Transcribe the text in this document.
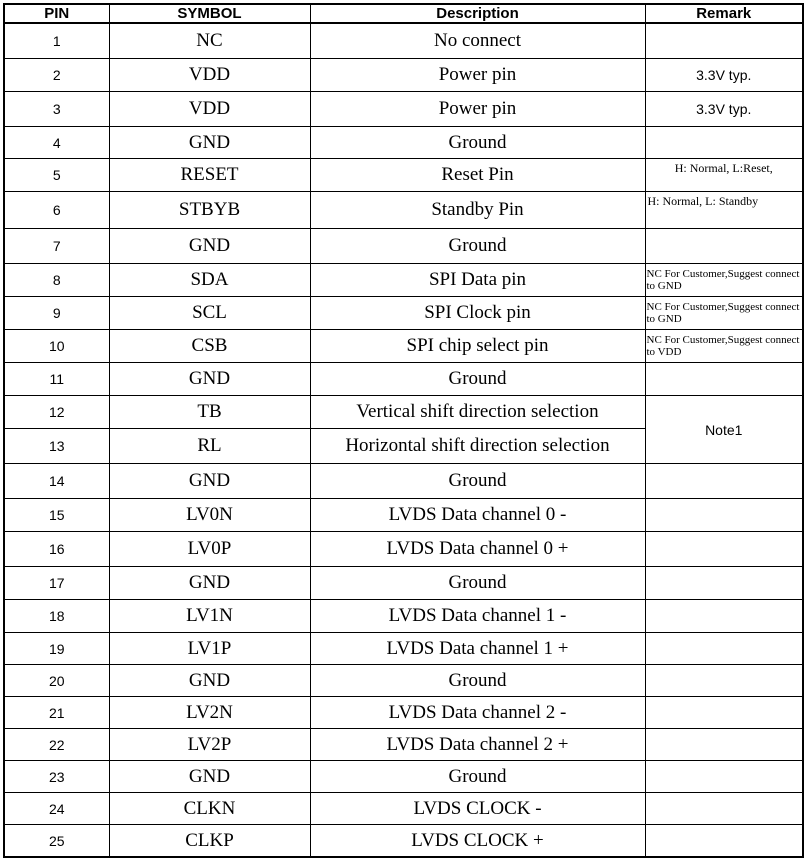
PIN	SYMBOL	Description	Remark
1	NC	No connect	
2	VDD	Power pin	3.3V typ.
3	VDD	Power pin	3.3V typ.
4	GND	Ground	
5	RESET	Reset Pin	H: Normal, L:Reset,
6	STBYB	Standby Pin	H: Normal, L: Standby
7	GND	Ground	
8	SDA	SPI Data pin	NC For Customer,Suggest connect to GND
9	SCL	SPI Clock pin	NC For Customer,Suggest connect to GND
10	CSB	SPI chip select pin	NC For Customer,Suggest connect to VDD
11	GND	Ground	
12	TB	Vertical shift direction selection	Note1
13	RL	Horizontal shift direction selection	
14	GND	Ground	
15	LV0N	LVDS Data channel 0 -	
16	LV0P	LVDS Data channel 0 +	
17	GND	Ground	
18	LV1N	LVDS Data channel 1 -	
19	LV1P	LVDS Data channel 1 +	
20	GND	Ground	
21	LV2N	LVDS Data channel 2 -	
22	LV2P	LVDS Data channel 2 +	
23	GND	Ground	
24	CLKN	LVDS CLOCK -	
25	CLKP	LVDS CLOCK +	
